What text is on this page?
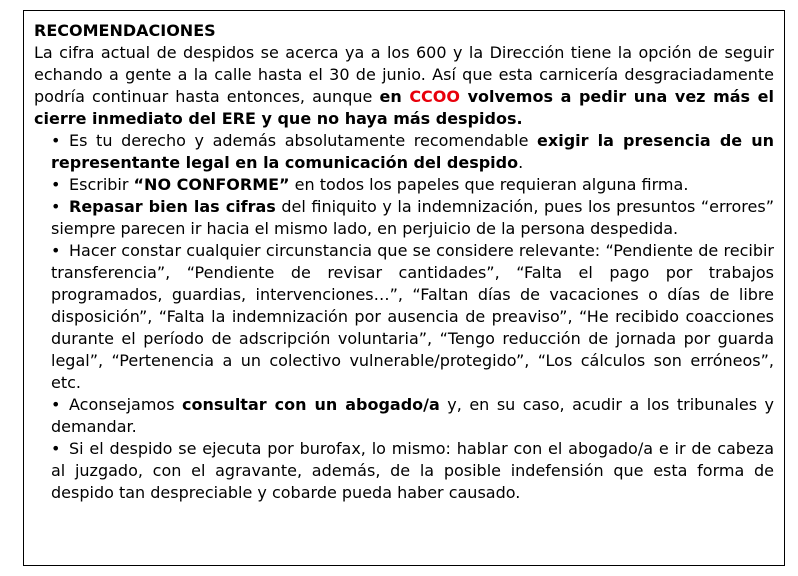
RECOMENDACIONES

La cifra actual de despidos se acerca ya a los 600 y la Dirección tiene la opción de seguir echando a gente a la calle hasta el 30 de junio. Así que esta carnicería desgraciadamente podría continuar hasta entonces, aunque en CCOO volvemos a pedir una vez más el cierre inmediato del ERE y que no haya más despidos.

• Es tu derecho y además absolutamente recomendable exigir la presencia de un representante legal en la comunicación del despido.
• Escribir “NO CONFORME” en todos los papeles que requieran alguna firma.
• Repasar bien las cifras del finiquito y la indemnización, pues los presuntos “errores” siempre parecen ir hacia el mismo lado, en perjuicio de la persona despedida.
• Hacer constar cualquier circunstancia que se considere relevante: “Pendiente de recibir transferencia”, “Pendiente de revisar cantidades”, “Falta el pago por trabajos programados, guardias, intervenciones…”, “Faltan días de vacaciones o días de libre disposición”, “Falta la indemnización por ausencia de preaviso”, “He recibido coacciones durante el período de adscripción voluntaria”, “Tengo reducción de jornada por guarda legal”, “Pertenencia a un colectivo vulnerable/protegido”, “Los cálculos son erróneos”, etc.
• Aconsejamos consultar con un abogado/a y, en su caso, acudir a los tribunales y demandar.
• Si el despido se ejecuta por burofax, lo mismo: hablar con el abogado/a e ir de cabeza al juzgado, con el agravante, además, de la posible indefensión que esta forma de despido tan despreciable y cobarde pueda haber causado.
